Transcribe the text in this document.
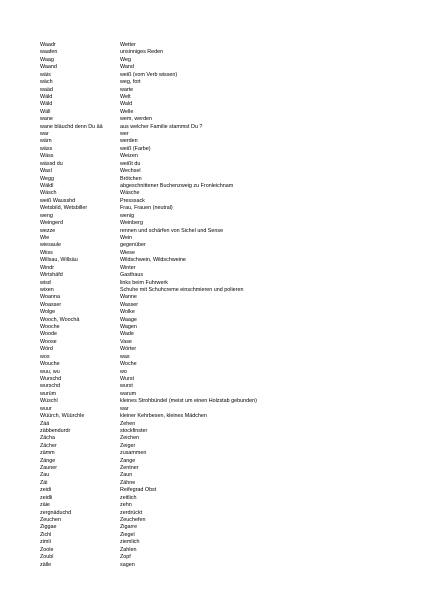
Waadr	Wetter
waafen	unsinniges Reden
Waag	Weg
Waand	Wand
wäis	weiß (vom Verb wissen)
wäch	weg, fort
waäd	warte
Wäld	Welt
Wäld	Wald
Wäll	Welle
wane	wem, werden
wane bläuchd denn Du åå	aus welcher Familie stammst Du ?
war	wer
wärn	werden
wäss	weiß (Farbe)
Wäss	Weizen
wässd du	weißt du
Wasl	Wechsel
Wegg	Brötchen
Wäldl	abgeschnittener Buchenzweig zu Fronleichnam
Wäsch	Wäsche
weiß Wausshd	Presssack
Wetsbild, Wetsbiller	Frau, Frauen (neutral)
weng	wenig
Weingerd	Weinberg
wezze	rennen und schärfen von Sichel und Sense
Wie	Wein
wiesaule	gegenüber
Wiiss	Wiese
Willsau, Willsäu	Wildschwein, Wildschweine
Windr	Winter
Wirtshäfd	Gasthaus
wisd	links beim Fuhrwerk
wixen	Schuhe mit Schuhcreme einschmieren und polieren
Woanna	Wanne
Woasser	Wasser
Wolge	Wolke
Wooch, Woochä	Waage
Wooche	Wagen
Woode	Wade
Woose	Vase
Wörd	Wörter
wos	was
Wouche	Woche
wuu, wu	wo
Wurschd	Wurst
wurschd	wurst
wurüm	warum
Wüschl	kleines Strohbündel (meist um einen Holzstab gebunden)
wuur	war
Wüürch, Wüürchle	kleiner Kehrbesen, kleines Mädchen
Zää	Zehen
zäbbendurdr	stockfinster
Zächa	Zeichen
Zächer	Zeiger
zämm	zusammen
Zänge	Zange
Zauner	Zentner
Zau	Zaun
Zäi	Zähne
zeidi	Reifegrad Obst
zeidli	zeitlich
zäie	zehn
zergnäduchd	zerdrückt
Zeuchen	Zeuchefen
Ziggae	Zigarre
Zichl	Ziegel
zimli	ziemlich
Zoole	Zahlen
Zoubl	Zopf
zälle	sagen
